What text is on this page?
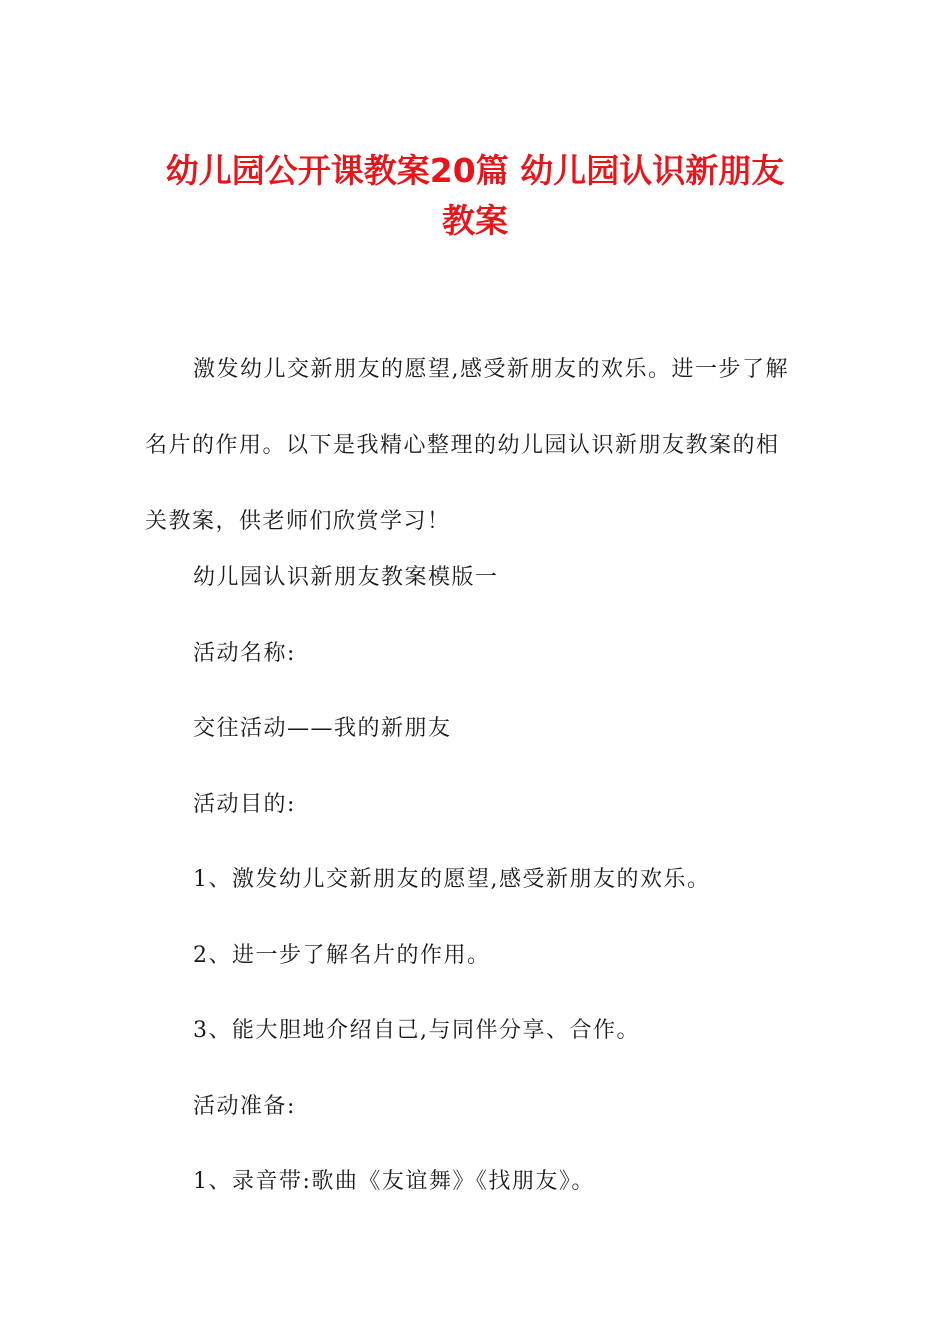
幼儿园公开课教案20篇 幼儿园认识新朋友
教案

激发幼儿交新朋友的愿望,感受新朋友的欢乐。进一步了解
名片的作用。以下是我精心整理的幼儿园认识新朋友教案的相
关教案，供老师们欣赏学习！

幼儿园认识新朋友教案模版一

活动名称:

交往活动——我的新朋友

活动目的:

1、激发幼儿交新朋友的愿望,感受新朋友的欢乐。

2、进一步了解名片的作用。

3、能大胆地介绍自己,与同伴分享、合作。

活动准备:

1、录音带:歌曲《友谊舞》《找朋友》。
